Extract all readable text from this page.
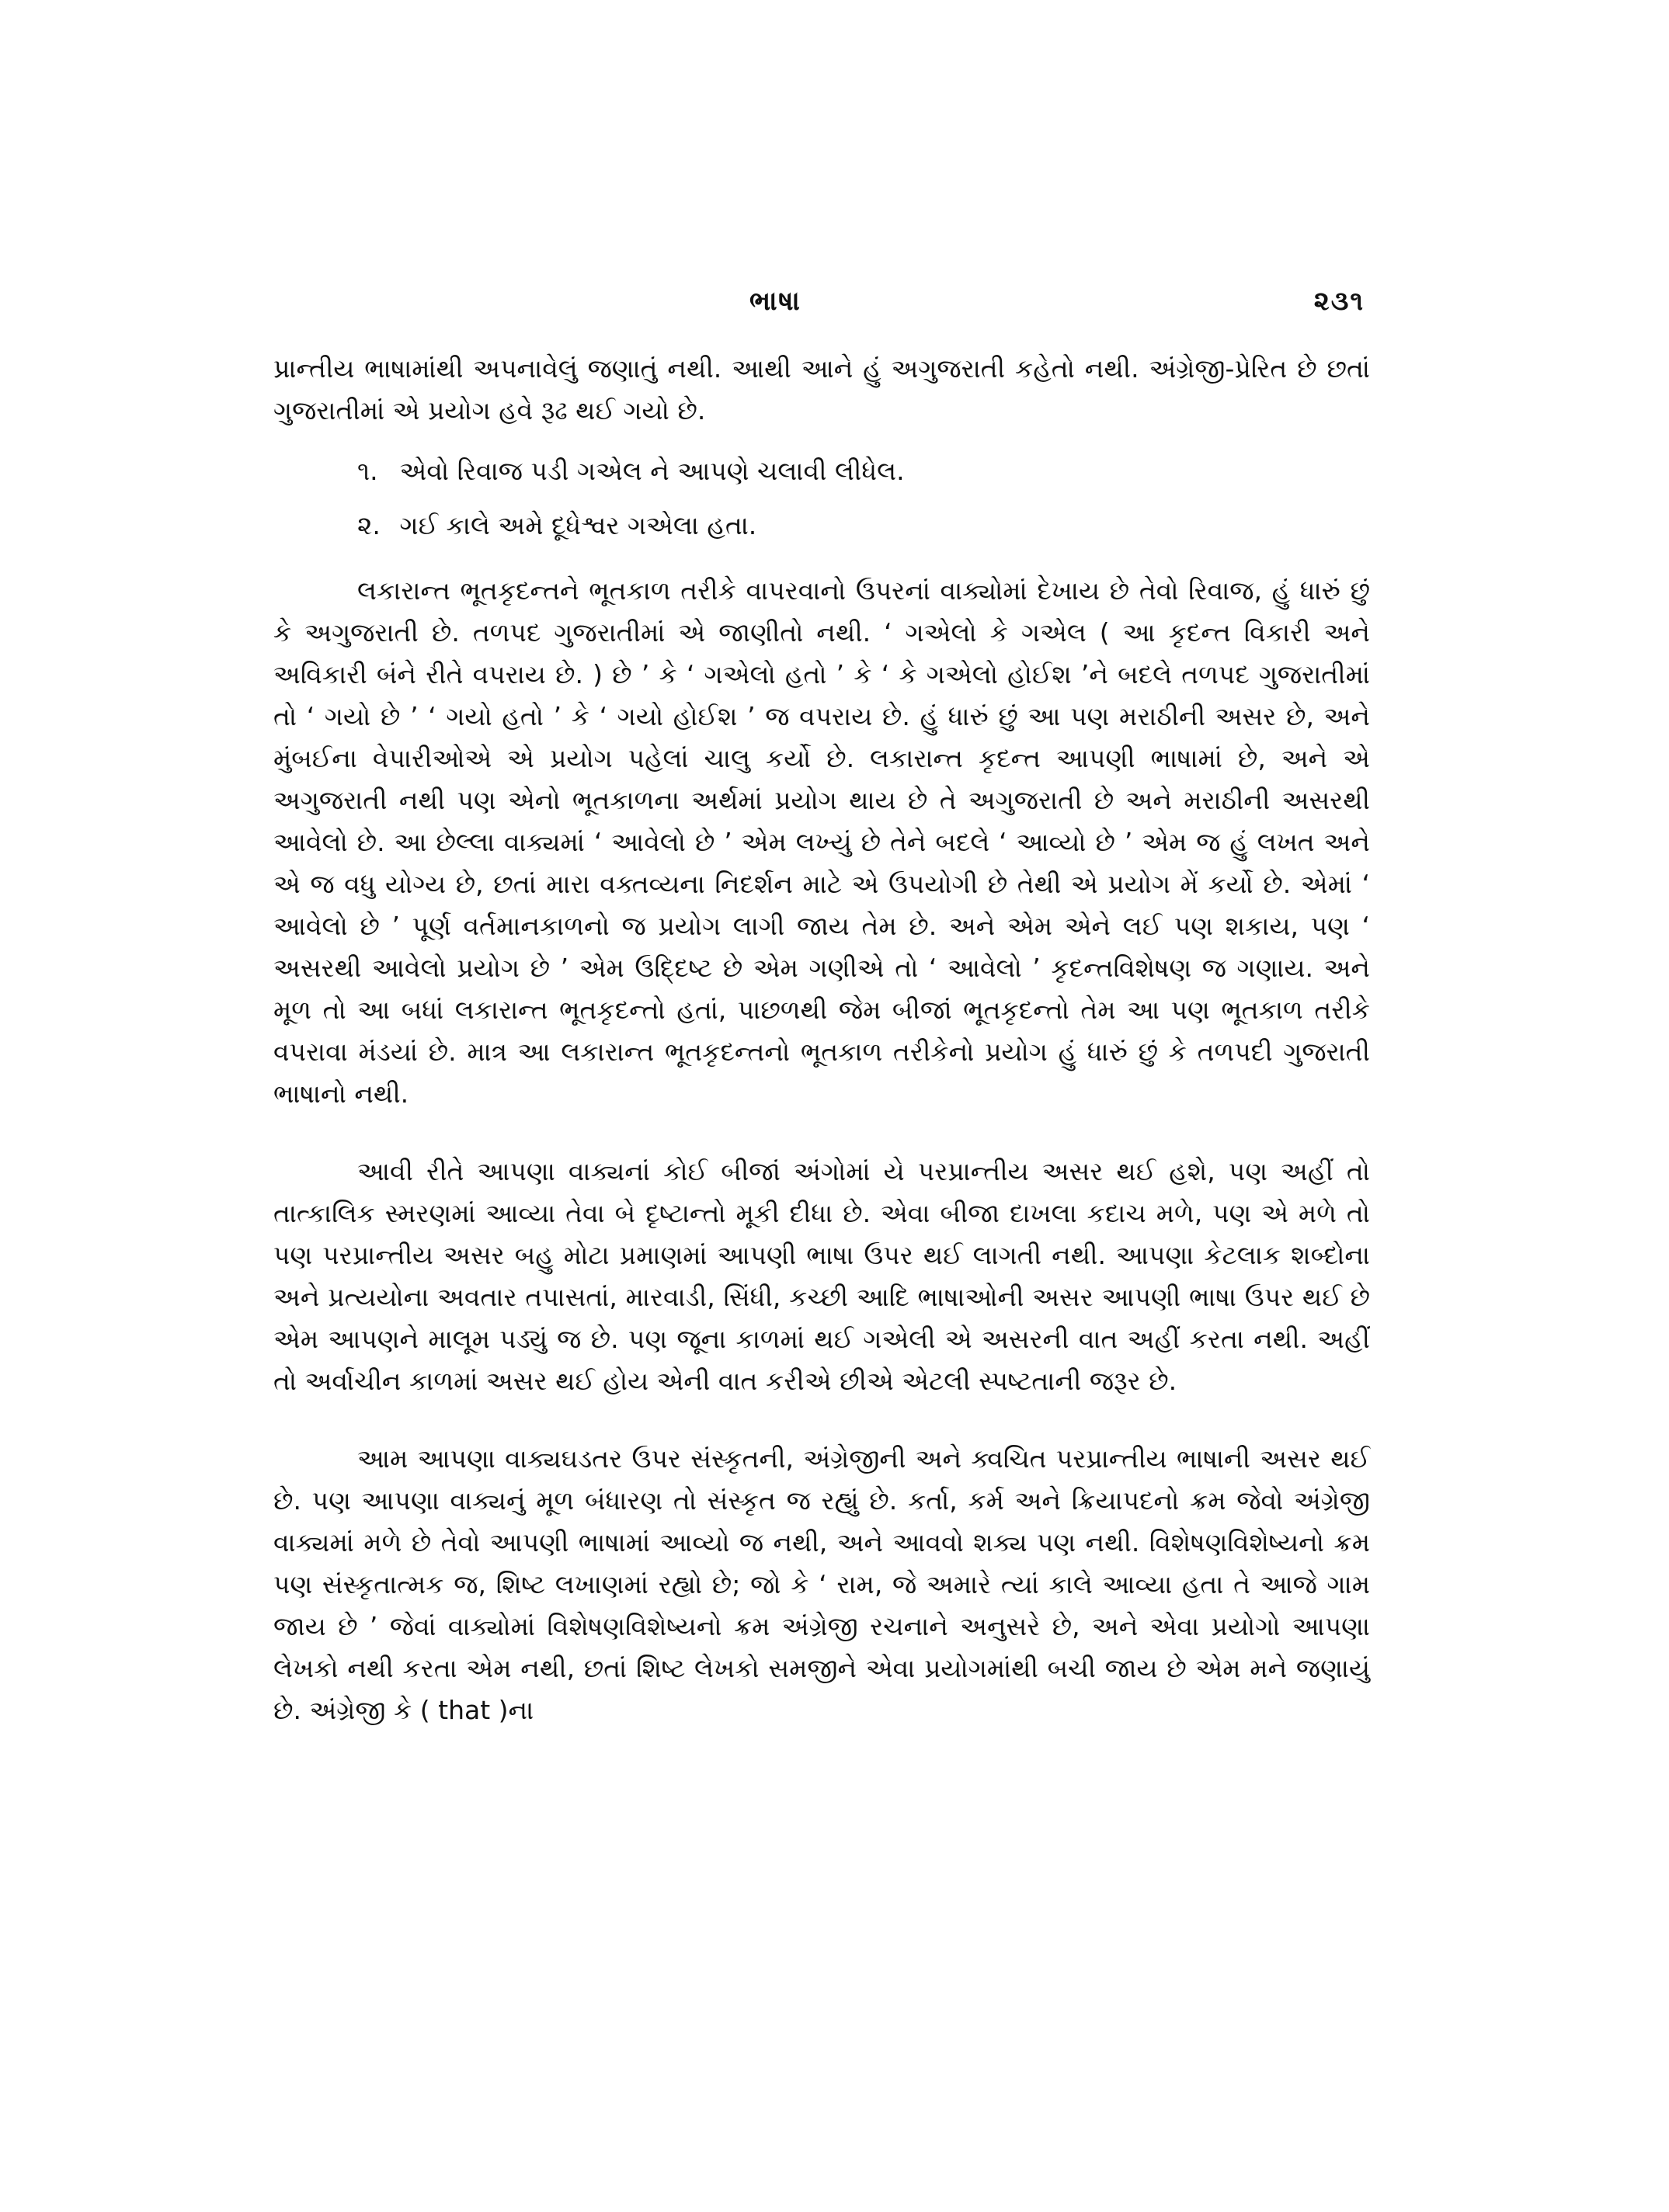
ભાષા	૨૩૧

પ્રાન્તીય ભાષામાંથી અપનાવેલું જણાતું નથી. આથી આને હું અગુજરાતી કહેતો નથી. અંગ્રેજી-પ્રેરિત છે છતાં ગુજરાતીમાં એ પ્રયોગ હવે રૂઢ થઈ ગયો છે.

૧. એવો રિવાજ પડી ગએલ ને આપણે ચલાવી લીધેલ.
૨. ગઈ કાલે અમે દૂધેશ્વર ગએલા હતા.

લકારાન્ત ભૂતકૃદન્તને ભૂતકાળ તરીકે વાપરવાનો ઉપરનાં વાક્યોમાં દેખાય છે તેવો રિવાજ, હું ધારું છું કે અગુજરાતી છે. તળપદ ગુજરાતીમાં એ જાણીતો નથી. ‘ ગએલો કે ગએલ ( આ કૃદન્ત વિકારી અને અવિકારી બંને રીતે વપરાય છે. ) છે ’ કે ‘ ગએલો હતો ’ કે ‘ કે ગએલો હોઈશ ’ને બદલે તળપદ ગુજરાતીમાં તો ‘ ગયો છે ’ ‘ ગયો હતો ’ કે ‘ ગયો હોઈશ ’ જ વપરાય છે. હું ધારું છું આ પણ મરાઠીની અસર છે, અને મુંબઈના વેપારીઓએ એ પ્રયોગ પહેલાં ચાલુ કર્યો છે. લકારાન્ત કૃદન્ત આપણી ભાષામાં છે, અને એ અગુજરાતી નથી પણ એનો ભૂતકાળના અર્થમાં પ્રયોગ થાય છે તે અગુજરાતી છે અને મરાઠીની અસરથી આવેલો છે. આ છેલ્લા વાક્યમાં ‘ આવેલો છે ’ એમ લખ્યું છે તેને બદલે ‘ આવ્યો છે ’ એમ જ હું લખત અને એ જ વધુ યોગ્ય છે, છતાં મારા વક્તવ્યના નિદર્શન માટે એ ઉપયોગી છે તેથી એ પ્રયોગ મેં કર્યો છે. એમાં ‘ આવેલો છે ’ પૂર્ણ વર્તમાનકાળનો જ પ્રયોગ લાગી જાય તેમ છે. અને એમ એને લઈ પણ શકાય, પણ ‘ અસરથી આવેલો પ્રયોગ છે ’ એમ ઉદ્દિષ્ટ છે એમ ગણીએ તો ‘ આવેલો ’ કૃદન્તવિશેષણ જ ગણાય. અને મૂળ તો આ બધાં લકારાન્ત ભૂતકૃદન્તો હતાં, પાછળથી જેમ બીજાં ભૂતકૃદન્તો તેમ આ પણ ભૂતકાળ તરીકે વપરાવા મંડયાં છે. માત્ર આ લકારાન્ત ભૂતકૃદન્તનો ભૂતકાળ તરીકેનો પ્રયોગ હું ધારું છું કે તળપદી ગુજરાતી ભાષાનો નથી.

આવી રીતે આપણા વાક્યનાં કોઈ બીજાં અંગોમાં યે પરપ્રાન્તીય અસર થઈ હશે, પણ અહીં તો તાત્કાલિક સ્મરણમાં આવ્યા તેવા બે દૃષ્ટાન્તો મૂકી દીધા છે. એવા બીજા દાખલા કદાચ મળે, પણ એ મળે તો પણ પરપ્રાન્તીય અસર બહુ મોટા પ્રમાણમાં આપણી ભાષા ઉપર થઈ લાગતી નથી. આપણા કેટલાક શબ્દોના અને પ્રત્યયોના અવતાર તપાસતાં, મારવાડી, સિંધી, કચ્છી આદિ ભાષાઓની અસર આપણી ભાષા ઉપર થઈ છે એમ આપણને માલૂમ પડ્યું જ છે. પણ જૂના કાળમાં થઈ ગએલી એ અસરની વાત અહીં કરતા નથી. અહીં તો અર્વાચીન કાળમાં અસર થઈ હોય એની વાત કરીએ છીએ એટલી સ્પષ્ટતાની જરૂર છે.

આમ આપણા વાક્યઘડતર ઉપર સંસ્કૃતની, અંગ્રેજીની અને ક્વચિત પરપ્રાન્તીય ભાષાની અસર થઈ છે. પણ આપણા વાક્યનું મૂળ બંધારણ તો સંસ્કૃત જ રહ્યું છે. કર્તા, કર્મ અને ક્રિયાપદનો ક્રમ જેવો અંગ્રેજી વાક્યમાં મળે છે તેવો આપણી ભાષામાં આવ્યો જ નથી, અને આવવો શક્ય પણ નથી. વિશેષણવિશેષ્યનો ક્રમ પણ સંસ્કૃતાત્મક જ, શિષ્ટ લખાણમાં રહ્યો છે; જો કે ‘ રામ, જે અમારે ત્યાં કાલે આવ્યા હતા તે આજે ગામ જાય છે ’ જેવાં વાક્યોમાં વિશેષણવિશેષ્યનો ક્રમ અંગ્રેજી રચનાને અનુસરે છે, અને એવા પ્રયોગો આપણા લેખકો નથી કરતા એમ નથી, છતાં શિષ્ટ લેખકો સમજીને એવા પ્રયોગમાંથી બચી જાય છે એમ મને જણાયું છે. અંગ્રેજી કે ( that )ના
